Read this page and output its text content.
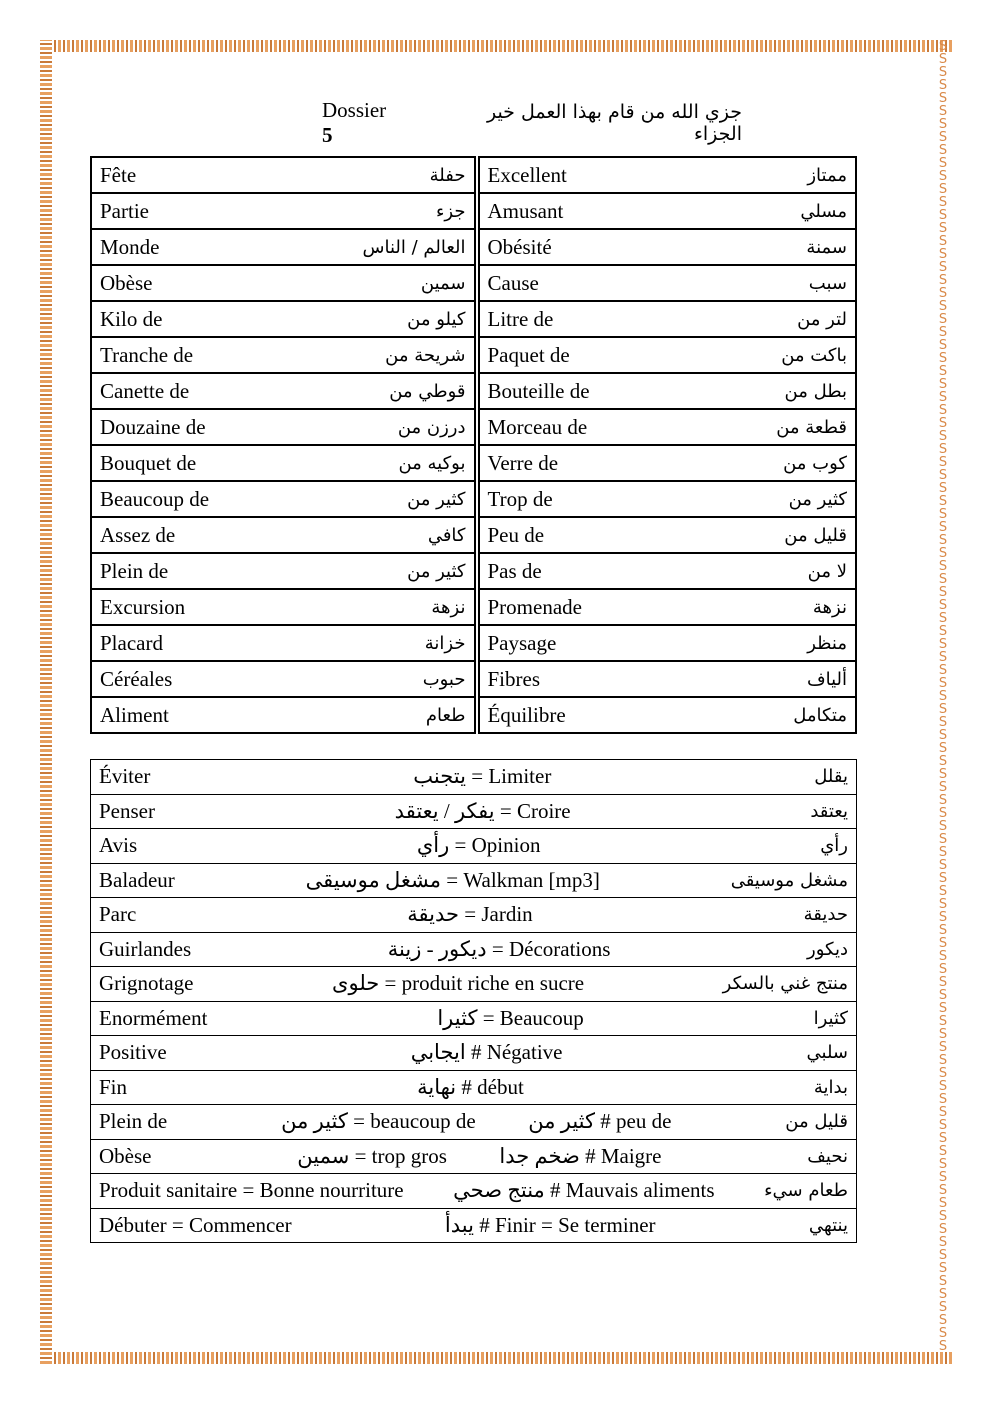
S
S
S
S
S
S
S
S
S
S
S
S
S
S
S
S
S
S
S
S
S
S
S
S
S
S
S
S
S
S
S
S
S
S
S
S
S
S
S
S
S
S
S
S
S
S
S
S
S
S
S
S
S
S
S
S
S
S
S
S
S
S
S
S
S
S
S
S
S
S
S
S
S
S
S
S
S
S
S
S
S
S
S
S
S
S
S
S
S
S
S
S
S
S
S
S
S
S
S
S
S
Dossier 5
جزي الله من قام بهذا العمل خير الجزاء
Fête حفلة		Excellent ممتاز

Partie جزء		Amusant مسلي

Monde العالم / الناس		Obésité سمنة

Obèse سمين		Cause سبب

Kilo de كيلو من		Litre de لتر من

Tranche de شريحة من		Paquet de باكت من

Canette de قوطي من		Bouteille de بطل من

Douzaine de درزن من		Morceau de قطعة من

Bouquet de بوكيه من		Verre de كوب من

Beaucoup de كثير من		Trop de كثير من

Assez de كافي		Peu de قليل من

Plein de كثير من		Pas de لا من

Excursion نزهة		Promenade نزهة

Placard خزانة		Paysage منظر

Céréales حبوب		Fibres ألياف

Aliment طعام		Équilibre متكامل
Éviter	يتجنب = Limiter	يقلل

Penser	يفكر / يعتقد = Croire	يعتقد

Avis	رأي = Opinion	رأي

Baladeur	مشغل موسيقى = Walkman [mp3]	مشغل موسيقى

Parc	حديقة = Jardin	حديقة

Guirlandes	ديكور - زينة = Décorations	ديكور

Grignotage	حلوى = produit riche en sucre	منتج غني بالسكر

Enormément	كثيرا = Beaucoup	كثيرا

Positive	ايجابي # Négative	سلبي

Fin	نهاية # début	بداية

Plein de	كثير من = beaucoup de          كثير من # peu de	قليل من

Obèse	سمين = trop gros          ضخم جدا # Maigre	نحيف

Produit sanitaire = Bonne nourriture	منتج صحي # Mauvais aliments	طعام سيء

Débuter = Commencer	يبدأ # Finir = Se terminer	ينتهي
